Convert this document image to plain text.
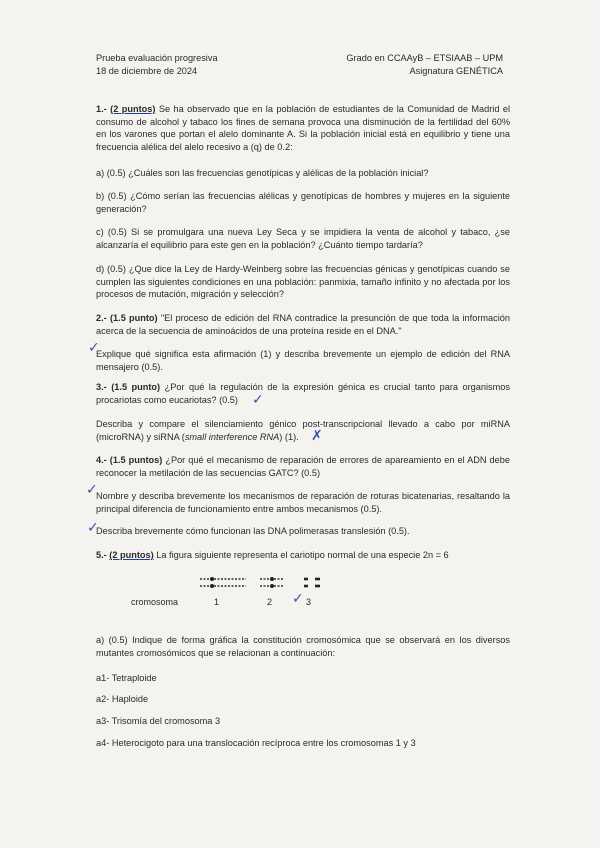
Prueba evaluación progresiva
18 de diciembre de 2024
Grado en CCAAyB – ETSIAAB – UPM
Asignatura GENÉTICA
1.- (2 puntos) Se ha observado que en la población de estudiantes de la Comunidad de Madrid el consumo de alcohol y tabaco los fines de semana provoca una disminución de la fertilidad del 60% en los varones que portan el alelo dominante A. Si la población inicial está en equilibrio y tiene una frecuencia alélica del alelo recesivo a (q) de 0.2:
a) (0.5) ¿Cuáles son las frecuencias genotípicas y alélicas de la población inicial?
b) (0.5) ¿Cómo serían las frecuencias alélicas y genotípicas de hombres y mujeres en la siguiente generación?
c) (0.5) Si se promulgara una nueva Ley Seca y se impidiera la venta de alcohol y tabaco, ¿se alcanzaría el equilibrio para este gen en la población? ¿Cuánto tiempo tardaría?
d) (0.5) ¿Que dice la Ley de Hardy-Weinberg sobre las frecuencias génicas y genotípicas cuando se cumplen las siguientes condiciones en una población: panmixia, tamaño infinito y no afectada por los procesos de mutación, migración y selección?
2.- (1.5 punto) "El proceso de edición del RNA contradice la presunción de que toda la información acerca de la secuencia de aminoácidos de una proteína reside en el DNA."
Explique qué significa esta afirmación (1) y describa brevemente un ejemplo de edición del RNA mensajero (0.5).
3.- (1.5 punto) ¿Por qué la regulación de la expresión génica es crucial tanto para organismos procariotas como eucariotas? (0.5)
Describa y compare el silenciamiento génico post-transcripcional llevado a cabo por miRNA (microRNA) y siRNA (small interference RNA) (1).
4.- (1.5 puntos) ¿Por qué el mecanismo de reparación de errores de apareamiento en el ADN debe reconocer la metilación de las secuencias GATC? (0.5)
Nombre y describa brevemente los mecanismos de reparación de roturas bicatenarias, resaltando la principal diferencia de funcionamiento entre ambos mecanismos (0.5).
Describa brevemente cómo funcionan las DNA polimerasas translesión (0.5).
5.- (2 puntos) La figura siguiente representa el cariotipo normal de una especie 2n = 6
cromosoma	1	2	3
a) (0.5) Indique de forma gráfica la constitución cromosómica que se observará en los diversos mutantes cromosómicos que se relacionan a continuación:
a1- Tetraploide
a2- Haploide
a3- Trisomía del cromosoma 3
a4- Heterocigoto para una translocación recíproca entre los cromosomas 1 y 3
✓
✓
✗
✓
✓
✓
